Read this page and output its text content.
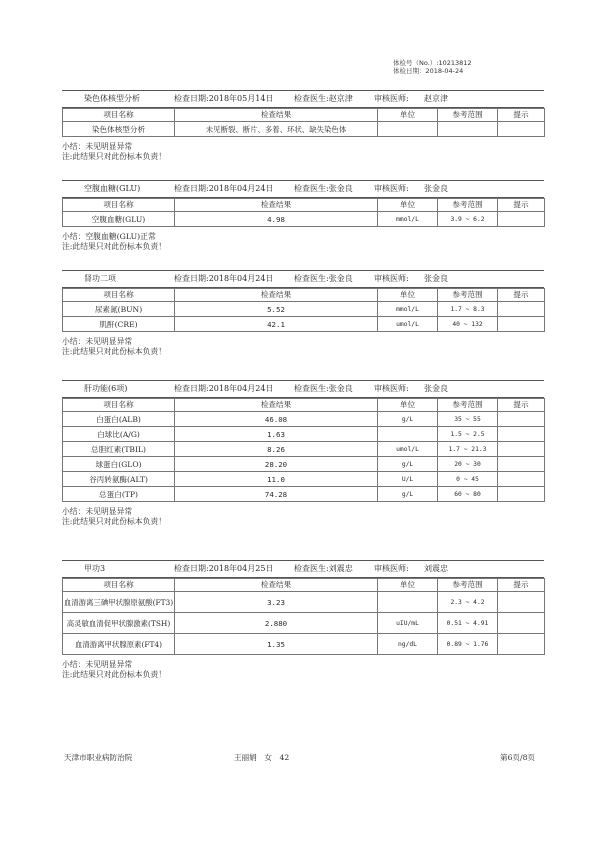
体检号（No.）:10213812
体检日期：2018-04-24
染色体核型分析	检查日期:2018年05月14日	检查医生:赵京津	审核医师: 赵京津
项目名称	检查结果	单位	参考范围	提示
染色体核型分析	未见断裂、断片、多着、环状、缺失染色体			
小结：未见明显异常
注:此结果只对此份标本负责！
空腹血糖(GLU)	检查日期:2018年04月24日	检查医生:张金良	审核医师: 张金良
项目名称	检查结果	单位	参考范围	提示
空腹血糖(GLU)	4.98	mmol/L	3.9 ~ 6.2	
小结：空腹血糖(GLU)正常
注:此结果只对此份标本负责！
肾功二项	检查日期:2018年04月24日	检查医生:张金良	审核医师: 张金良
项目名称	检查结果	单位	参考范围	提示
尿素氮(BUN)	5.52	mmol/L	1.7 ~ 8.3	
肌酐(CRE)	42.1	umol/L	40 ~ 132	
小结：未见明显异常
注:此结果只对此份标本负责！
肝功能(6项)	检查日期:2018年04月24日	检查医生:张金良	审核医师: 张金良
项目名称	检查结果	单位	参考范围	提示
白蛋白(ALB)	46.08	g/L	35 ~ 55	
白球比(A/G)	1.63		1.5 ~ 2.5	
总胆红素(TBIL)	8.26	umol/L	1.7 ~ 21.3	
球蛋白(GLO)	28.20	g/L	20 ~ 30	
谷丙转氨酶(ALT)	11.0	U/L	0 ~ 45	
总蛋白(TP)	74.28	g/L	60 ~ 80	
小结：未见明显异常
注:此结果只对此份标本负责！
甲功3	检查日期:2018年04月25日	检查医生:刘震忠	审核医师: 刘震忠
项目名称	检查结果	单位	参考范围	提示
血清游离三碘甲状腺原氨酸(FT3)	3.23		2.3 ~ 4.2	
高灵敏血清促甲状腺激素(TSH)	2.880	uIU/mL	0.51 ~ 4.91	
血清游离甲状腺原素(FT4)	1.35	ng/dL	0.89 ~ 1.76	
小结：未见明显异常
注:此结果只对此份标本负责！
天津市职业病防治院	王丽娟　女　42	第6页/8页
